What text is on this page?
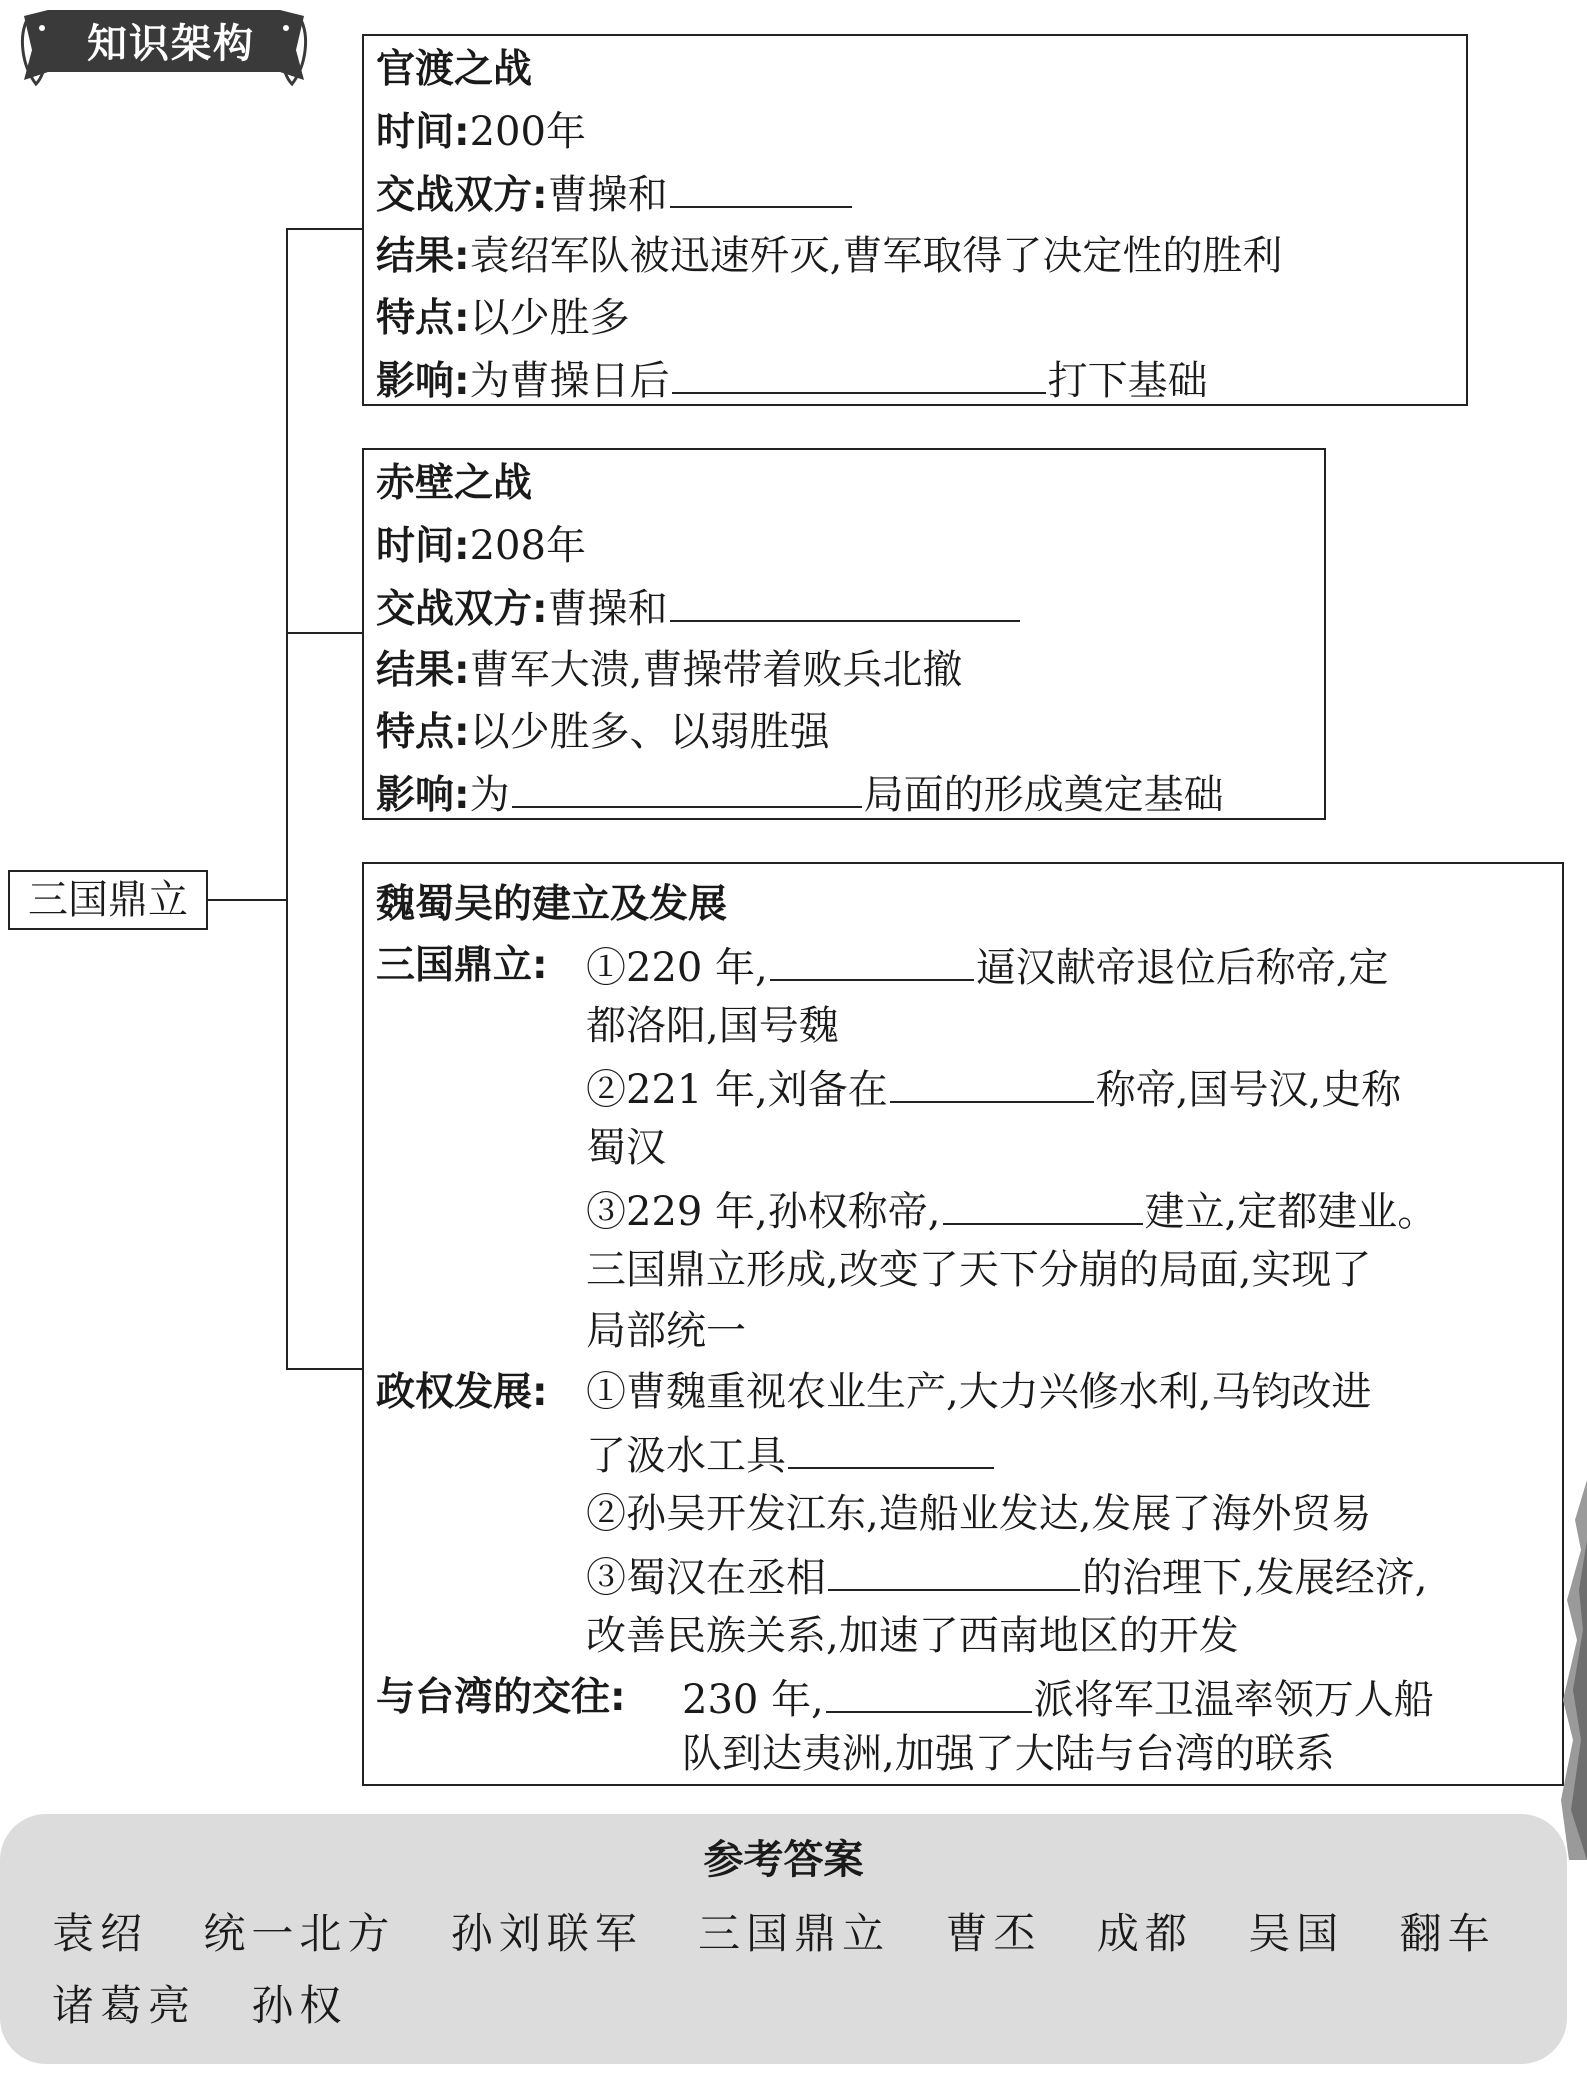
知识架构
三国鼎立
官渡之战
时间:200年
交战双方:曹操和
结果:袁绍军队被迅速歼灭,曹军取得了决定性的胜利
特点:以少胜多
影响:为曹操日后	打下基础
赤壁之战
时间:208年
交战双方:曹操和
结果:曹军大溃,曹操带着败兵北撤
特点:以少胜多、以弱胜强
影响:为	局面的形成奠定基础
魏蜀吴的建立及发展
三国鼎立: ①220 年,	逼汉献帝退位后称帝,定
都洛阳,国号魏
②221 年,刘备在	称帝,国号汉,史称
蜀汉
③229 年,孙权称帝,	建立,定都建业。
三国鼎立形成,改变了天下分崩的局面,实现了
局部统一
政权发展: ①曹魏重视农业生产,大力兴修水利,马钧改进
了汲水工具
②孙吴开发江东,造船业发达,发展了海外贸易
③蜀汉在丞相	的治理下,发展经济,
改善民族关系,加速了西南地区的开发
与台湾的交往: 230 年,	派将军卫温率领万人船
队到达夷洲,加强了大陆与台湾的联系
参考答案
袁绍 统一北方 孙刘联军 三国鼎立 曹丕 成都 吴国 翻车
诸葛亮 孙权
